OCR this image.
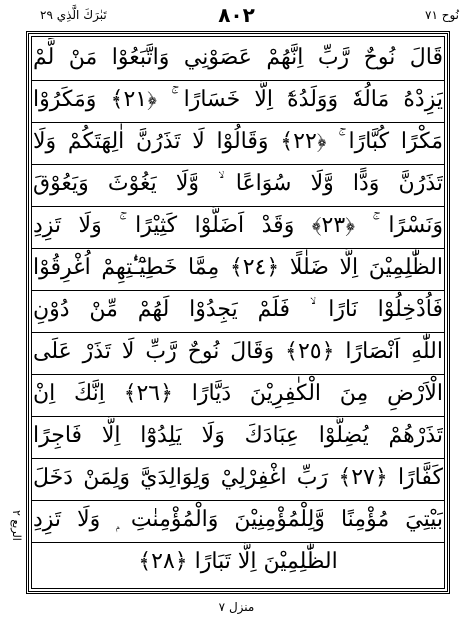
نُوح ٧١
٨٠٢
تَبٰرَكَ الَّذِي ٢٩
قَالَ نُوحٌ رَّبِّ اِنَّهُمْ عَصَوْنِي وَاتَّبَعُوْا مَنْ لَّمْ
يَزِدْهُ مَالُهٗ وَوَلَدُهٗٓ اِلَّا خَسَارًا ۚ ﴿٢١﴾ وَمَكَرُوْا
مَكْرًا كُبَّارًا ۚ ﴿٢٢﴾ وَقَالُوْا لَا تَذَرُنَّ اٰلِهَتَكُمْ وَلَا
تَذَرُنَّ وَدًّا وَّلَا سُوَاعًا ۙ وَّلَا يَغُوْثَ وَيَعُوْقَ
وَنَسْرًا ۚ ﴿٢٣﴾ وَقَدْ اَضَلُّوْا كَثِيْرًا ۚ وَلَا تَزِدِ
الظّٰلِمِيْنَ اِلَّا ضَلٰلًا ﴿٢٤﴾ مِمَّا خَطِيْٓـٰٔتِهِمْ اُغْرِقُوْا
فَاُدْخِلُوْا نَارًا ۙ فَلَمْ يَجِدُوْا لَهُمْ مِّنْ دُوْنِ
اللّٰهِ اَنْصَارًا ﴿٢٥﴾ وَقَالَ نُوحٌ رَّبِّ لَا تَذَرْ عَلَى
الْاَرْضِ مِنَ الْكٰفِرِيْنَ دَيَّارًا ﴿٢٦﴾ اِنَّكَ اِنْ
تَذَرْهُمْ يُضِلُّوْا عِبَادَكَ وَلَا يَلِدُوْٓا اِلَّا فَاجِرًا
كَفَّارًا ﴿٢٧﴾ رَبِّ اغْفِرْلِيْ وَلِوَالِدَيَّ وَلِمَنْ دَخَلَ
بَيْتِيَ مُؤْمِنًا وَّلِلْمُؤْمِنِيْنَ وَالْمُؤْمِنٰتِ ۭ وَلَا تَزِدِ
الظّٰلِمِيْنَ اِلَّا تَبَارًا ﴿٢٨﴾
الربع ٢
منزل ٧
